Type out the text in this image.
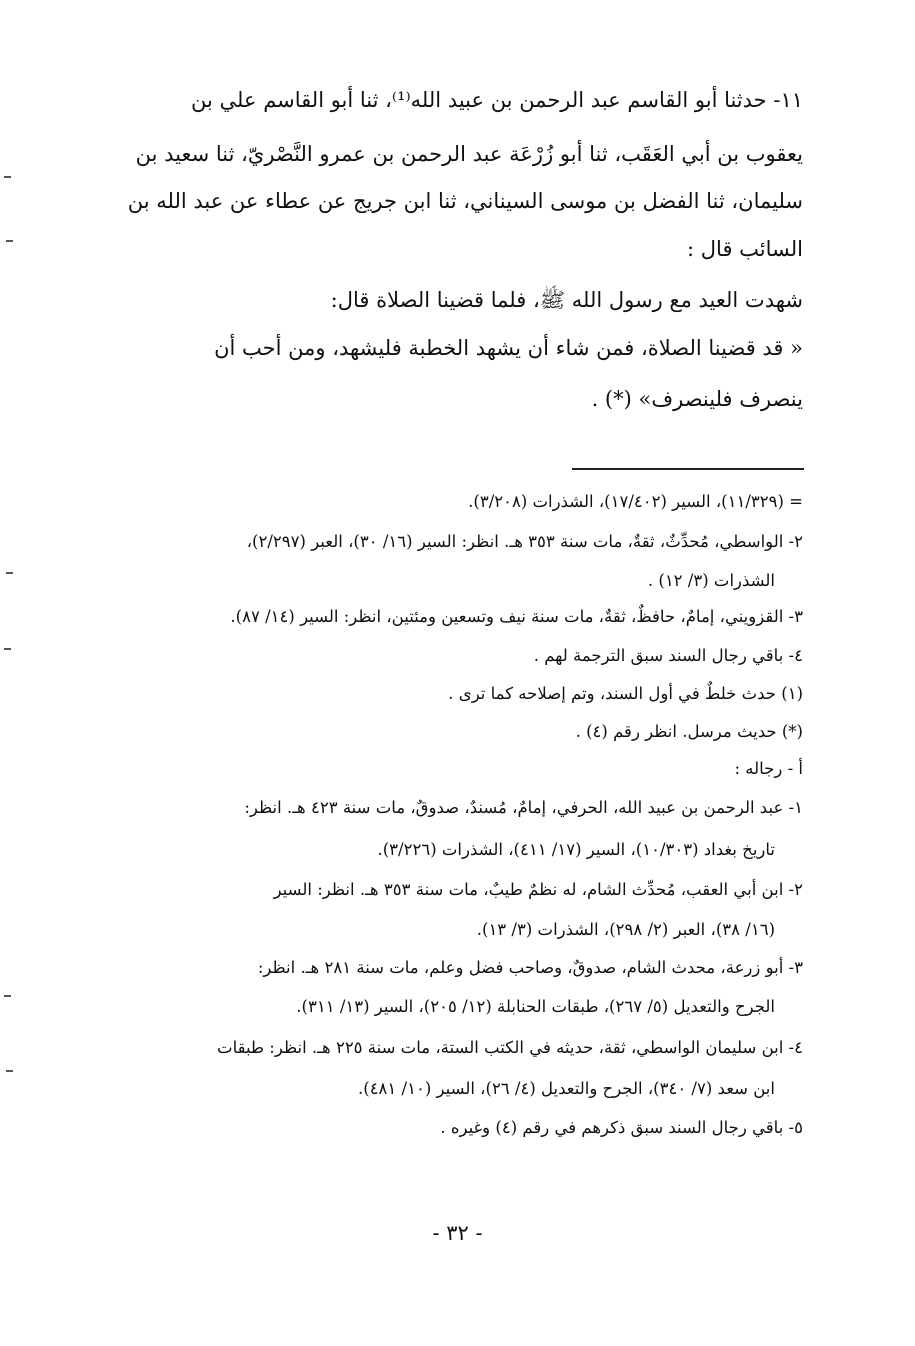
١١- حدثنا أبو القاسم عبد الرحمن بن عبيد الله⁽¹⁾، ثنا أبو القاسم علي بن
يعقوب بن أبي العَقَب، ثنا أبو زُرْعَة عبد الرحمن بن عمرو النَّصْريّ، ثنا سعيد بن
سليمان، ثنا الفضل بن موسى السيناني، ثنا ابن جريج عن عطاء عن عبد الله بن
السائب قال :
شهدت العيد مع رسول الله ﷺ، فلما قضينا الصلاة قال:
« قد قضينا الصلاة، فمن شاء أن يشهد الخطبة فليشهد، ومن أحب أن
ينصرف فلينصرف» (*) .
= (١١/٣٢٩)، السير (١٧/٤٠٢)، الشذرات (٣/٢٠٨).
٢- الواسطي، مُحدِّثٌ، ثقةٌ، مات سنة ٣٥٣ هـ. انظر: السير (١٦/ ٣٠)، العبر (٢/٢٩٧)،
الشذرات (٣/ ١٢) .
٣- القزويني، إمامٌ، حافظٌ، ثقةٌ، مات سنة نيف وتسعين ومئتين، انظر: السير (١٤/ ٨٧).
٤- باقي رجال السند سبق الترجمة لهم .
(١) حدث خلطٌ في أول السند، وتم إصلاحه كما ترى .
(*) حديث مرسل. انظر رقم (٤) .
أ - رجاله :
١- عبد الرحمن بن عبيد الله، الحرفي، إمامٌ، مُسندٌ، صدوقٌ، مات سنة ٤٢٣ هـ. انظر:
تاريخ بغداد (١٠/٣٠٣)، السير (١٧/ ٤١١)، الشذرات (٣/٢٢٦).
٢- ابن أبي العقب، مُحدِّث الشام، له نظمٌ طيبٌ، مات سنة ٣٥٣ هـ. انظر: السير
(١٦/ ٣٨)، العبر (٢/ ٢٩٨)، الشذرات (٣/ ١٣).
٣- أبو زرعة، محدث الشام، صدوقٌ، وصاحب فضل وعلم، مات سنة ٢٨١ هـ. انظر:
الجرح والتعديل (٥/ ٢٦٧)، طبقات الحنابلة (١٢/ ٢٠٥)، السير (١٣/ ٣١١).
٤- ابن سليمان الواسطي، ثقة، حديثه في الكتب الستة، مات سنة ٢٢٥ هـ. انظر: طبقات
ابن سعد (٧/ ٣٤٠)، الجرح والتعديل (٤/ ٢٦)، السير (١٠/ ٤٨١).
٥- باقي رجال السند سبق ذكرهم في رقم (٤) وغيره .
- ٣٢ -
